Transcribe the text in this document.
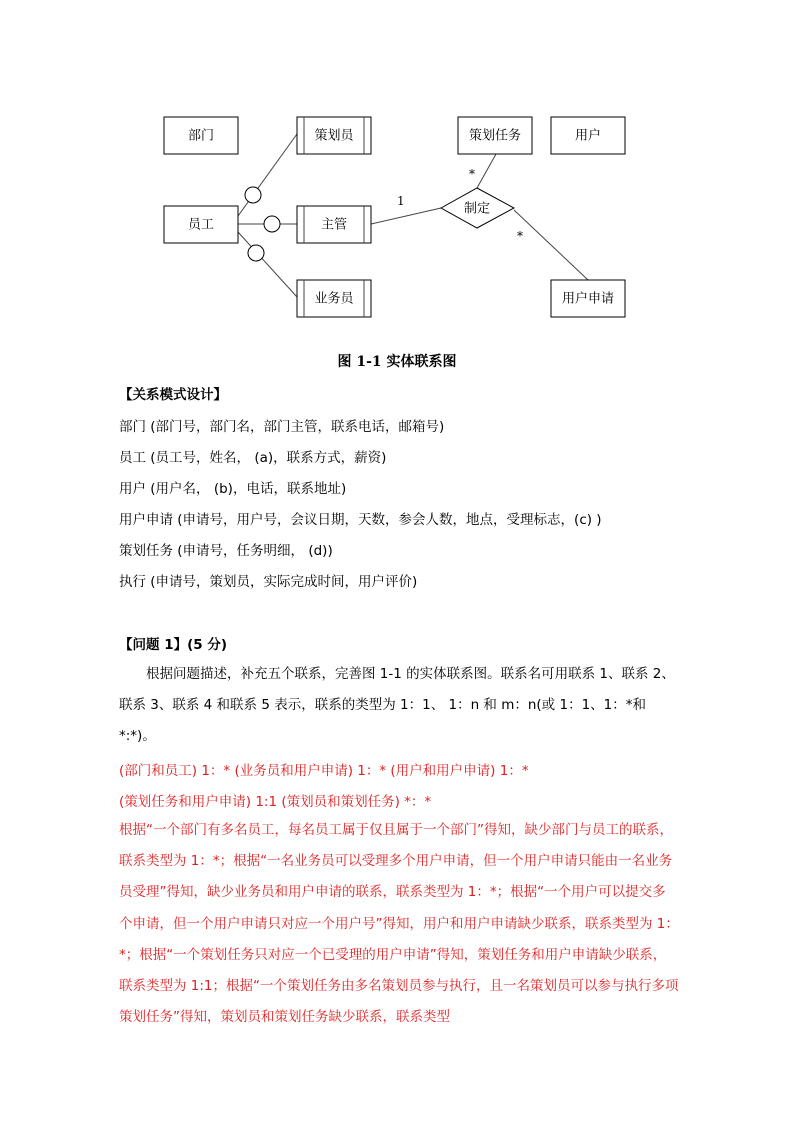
部门	策划员	策划任务	用户
员工	主管
业务员	用户申请
制定
1
*
*
图 1-1 实体联系图
【关系模式设计】
部门 (部门号，部门名，部门主管，联系电话，邮箱号)
员工 (员工号，姓名， (a)，联系方式，薪资)
用户 (用户名， (b)，电话，联系地址)
用户申请 (申请号，用户号，会议日期，天数，参会人数，地点，受理标志，(c) )
策划任务 (申请号，任务明细， (d))
执行 (申请号，策划员，实际完成时间，用户评价)
【问题 1】(5 分)
根据问题描述，补充五个联系，完善图 1-1 的实体联系图。联系名可用联系 1、联系 2、 联系 3、联系 4 和联系 5 表示，联系的类型为 1：1、 1：n 和 m：n(或 1：1、1：*和 *:*)。
(部门和员工) 1：* (业务员和用户申请) 1：* (用户和用户申请) 1：*
(策划任务和用户申请) 1:1 (策划员和策划任务) *：*
根据“一个部门有多名员工，每名员工属于仅且属于一个部门”得知，缺少部门与员工的联系，联系类型为 1：*；根据“一名业务员可以受理多个用户申请，但一个用户申请只能由一名业务员受理”得知，缺少业务员和用户申请的联系，联系类型为 1：*；根据“一个用户可以提交多个申请，但一个用户申请只对应一个用户号”得知，用户和用户申请缺少联系，联系类型为 1：*；根据“一个策划任务只对应一个已受理的用户申请”得知，策划任务和用户申请缺少联系，联系类型为 1:1；根据“一个策划任务由多名策划员参与执行，且一名策划员可以参与执行多项策划任务”得知，策划员和策划任务缺少联系，联系类型
